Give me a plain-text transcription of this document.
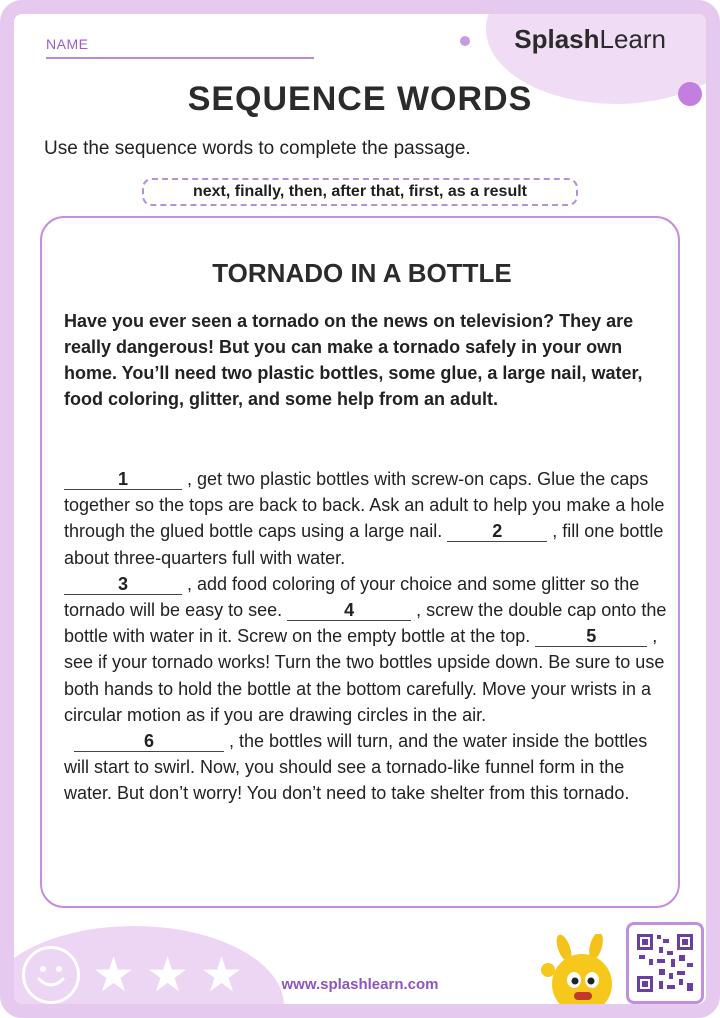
NAME	SplashLearn
SEQUENCE WORDS
Use the sequence words to complete the passage.
next, finally, then, after that, first, as a result
TORNADO IN A BOTTLE

Have you ever seen a tornado on the news on television? They are really dangerous! But you can make a tornado safely in your own home. You’ll need two plastic bottles, some glue, a large nail, water, food coloring, glitter, and some help from an adult.

1	, get two plastic bottles with screw-on caps. Glue the caps together so the tops are back to back. Ask an adult to help you make a hole through the glued bottle caps using a large nail.	2	, fill one bottle about three-quarters full with water.
3	, add food coloring of your choice and some glitter so the tornado will be easy to see.	4	, screw the double cap onto the bottle with water in it. Screw on the empty bottle at the top.	5	, see if your tornado works! Turn the two bottles upside down. Be sure to use both hands to hold the bottle at the bottom carefully. Move your wrists in a circular motion as if you are drawing circles in the air.
6	, the bottles will turn, and the water inside the bottles will start to swirl. Now, you should see a tornado-like funnel form in the water. But don’t worry! You don’t need to take shelter from this tornado.

★ ★ ★	www.splashlearn.com
